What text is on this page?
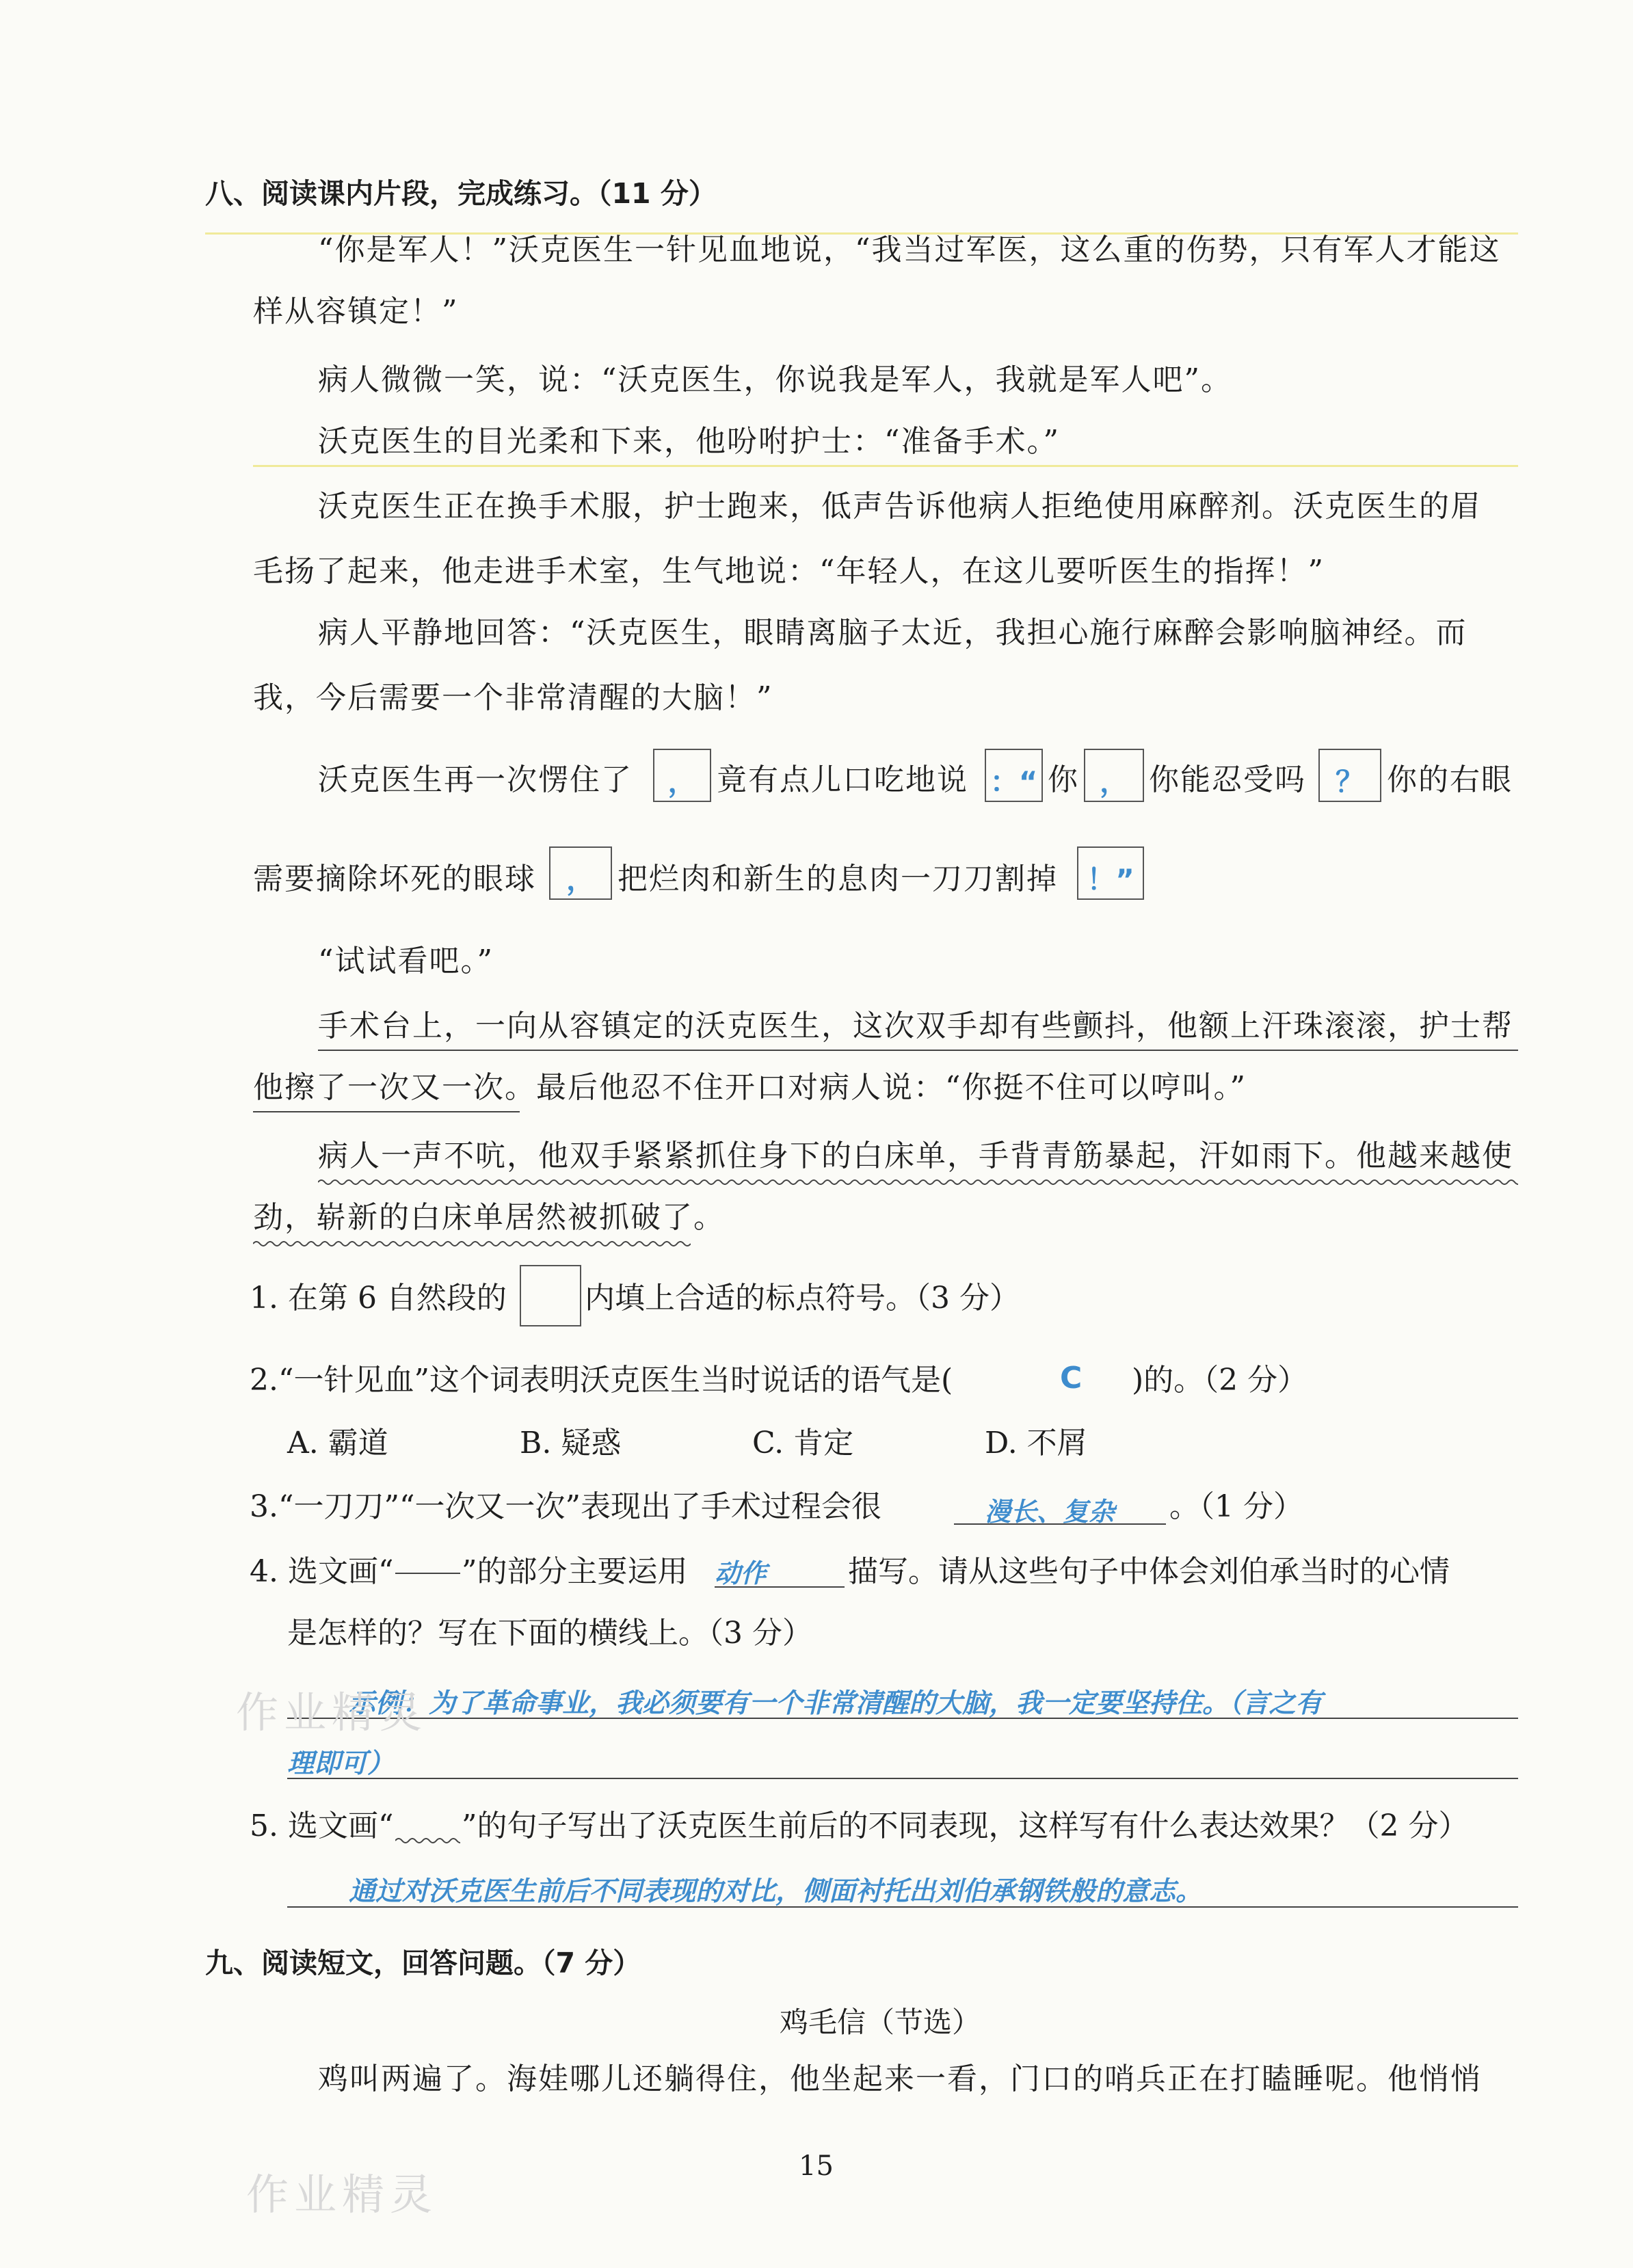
八、阅读课内片段，完成练习。（11 分）
“你是军人！”沃克医生一针见血地说，“我当过军医，这么重的伤势，只有军人才能这
样从容镇定！”
病人微微一笑，说：“沃克医生，你说我是军人，我就是军人吧”。
沃克医生的目光柔和下来，他吩咐护士：“准备手术。”
沃克医生正在换手术服，护士跑来，低声告诉他病人拒绝使用麻醉剂。沃克医生的眉
毛扬了起来，他走进手术室，生气地说：“年轻人，在这儿要听医生的指挥！”
病人平静地回答：“沃克医生，眼睛离脑子太近，我担心施行麻醉会影响脑神经。而
我，今后需要一个非常清醒的大脑！”
沃克医生再一次愣住了	， 竟有点儿口吃地说 ：“ 你 ， 你能忍受吗	？ 你的右眼
需要摘除坏死的眼球	， 把烂肉和新生的息肉一刀刀割掉 ！”
“试试看吧。”
手术台上，一向从容镇定的沃克医生，这次双手却有些颤抖，他额上汗珠滚滚，护士帮
他擦了一次又一次。最后他忍不住开口对病人说：“你挺不住可以哼叫。”
病人一声不吭，他双手紧紧抓住身下的白床单，手背青筋暴起，汗如雨下。他越来越使
劲，崭新的白床单居然被抓破了。
1. 在第 6 自然段的	内填上合适的标点符号。（3 分）
2.“一针见血”这个词表明沃克医生当时说话的语气是(	C )的。（2 分）
A. 霸道	B. 疑惑	C. 肯定	D. 不屑
3.“一刀刀”“一次又一次”表现出了手术过程会很	漫长、复杂 。（1 分）
4. 选文画“ ”的部分主要运用 动作	描写。请从这些句子中体会刘伯承当时的心情
是怎样的？写在下面的横线上。（3 分）
示例：为了革命事业，我必须要有一个非常清醒的大脑，我一定要坚持住。（言之有
理即可）
5. 选文画“ ”的句子写出了沃克医生前后的不同表现，这样写有什么表达效果？（2 分）
通过对沃克医生前后不同表现的对比，侧面衬托出刘伯承钢铁般的意志。
九、阅读短文，回答问题。（7 分）
鸡毛信（节选）
鸡叫两遍了。海娃哪儿还躺得住，他坐起来一看，门口的哨兵正在打瞌睡呢。他悄悄
15
作业精灵
作业精灵
